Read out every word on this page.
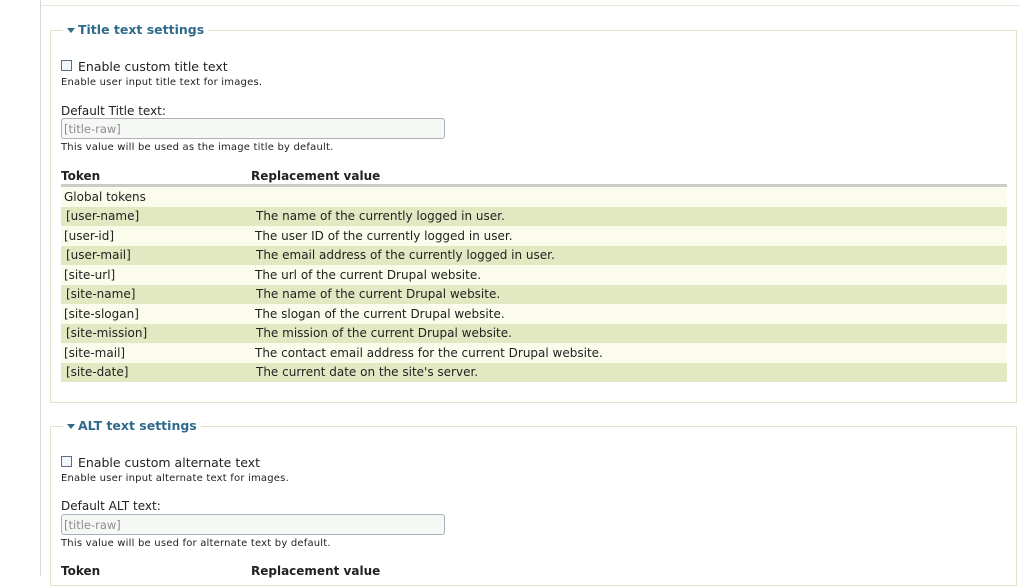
Title text settings
Enable custom title text
Enable user input title text for images.
Default Title text:
[title-raw]
This value will be used as the image title by default.
Token	Replacement value
Global tokens
[user-name]	The name of the currently logged in user.
[user-id]	The user ID of the currently logged in user.
[user-mail]	The email address of the currently logged in user.
[site-url]	The url of the current Drupal website.
[site-name]	The name of the current Drupal website.
[site-slogan]	The slogan of the current Drupal website.
[site-mission]	The mission of the current Drupal website.
[site-mail]	The contact email address for the current Drupal website.
[site-date]	The current date on the site's server.
ALT text settings
Enable custom alternate text
Enable user input alternate text for images.
Default ALT text:
[title-raw]
This value will be used for alternate text by default.
Token	Replacement value
